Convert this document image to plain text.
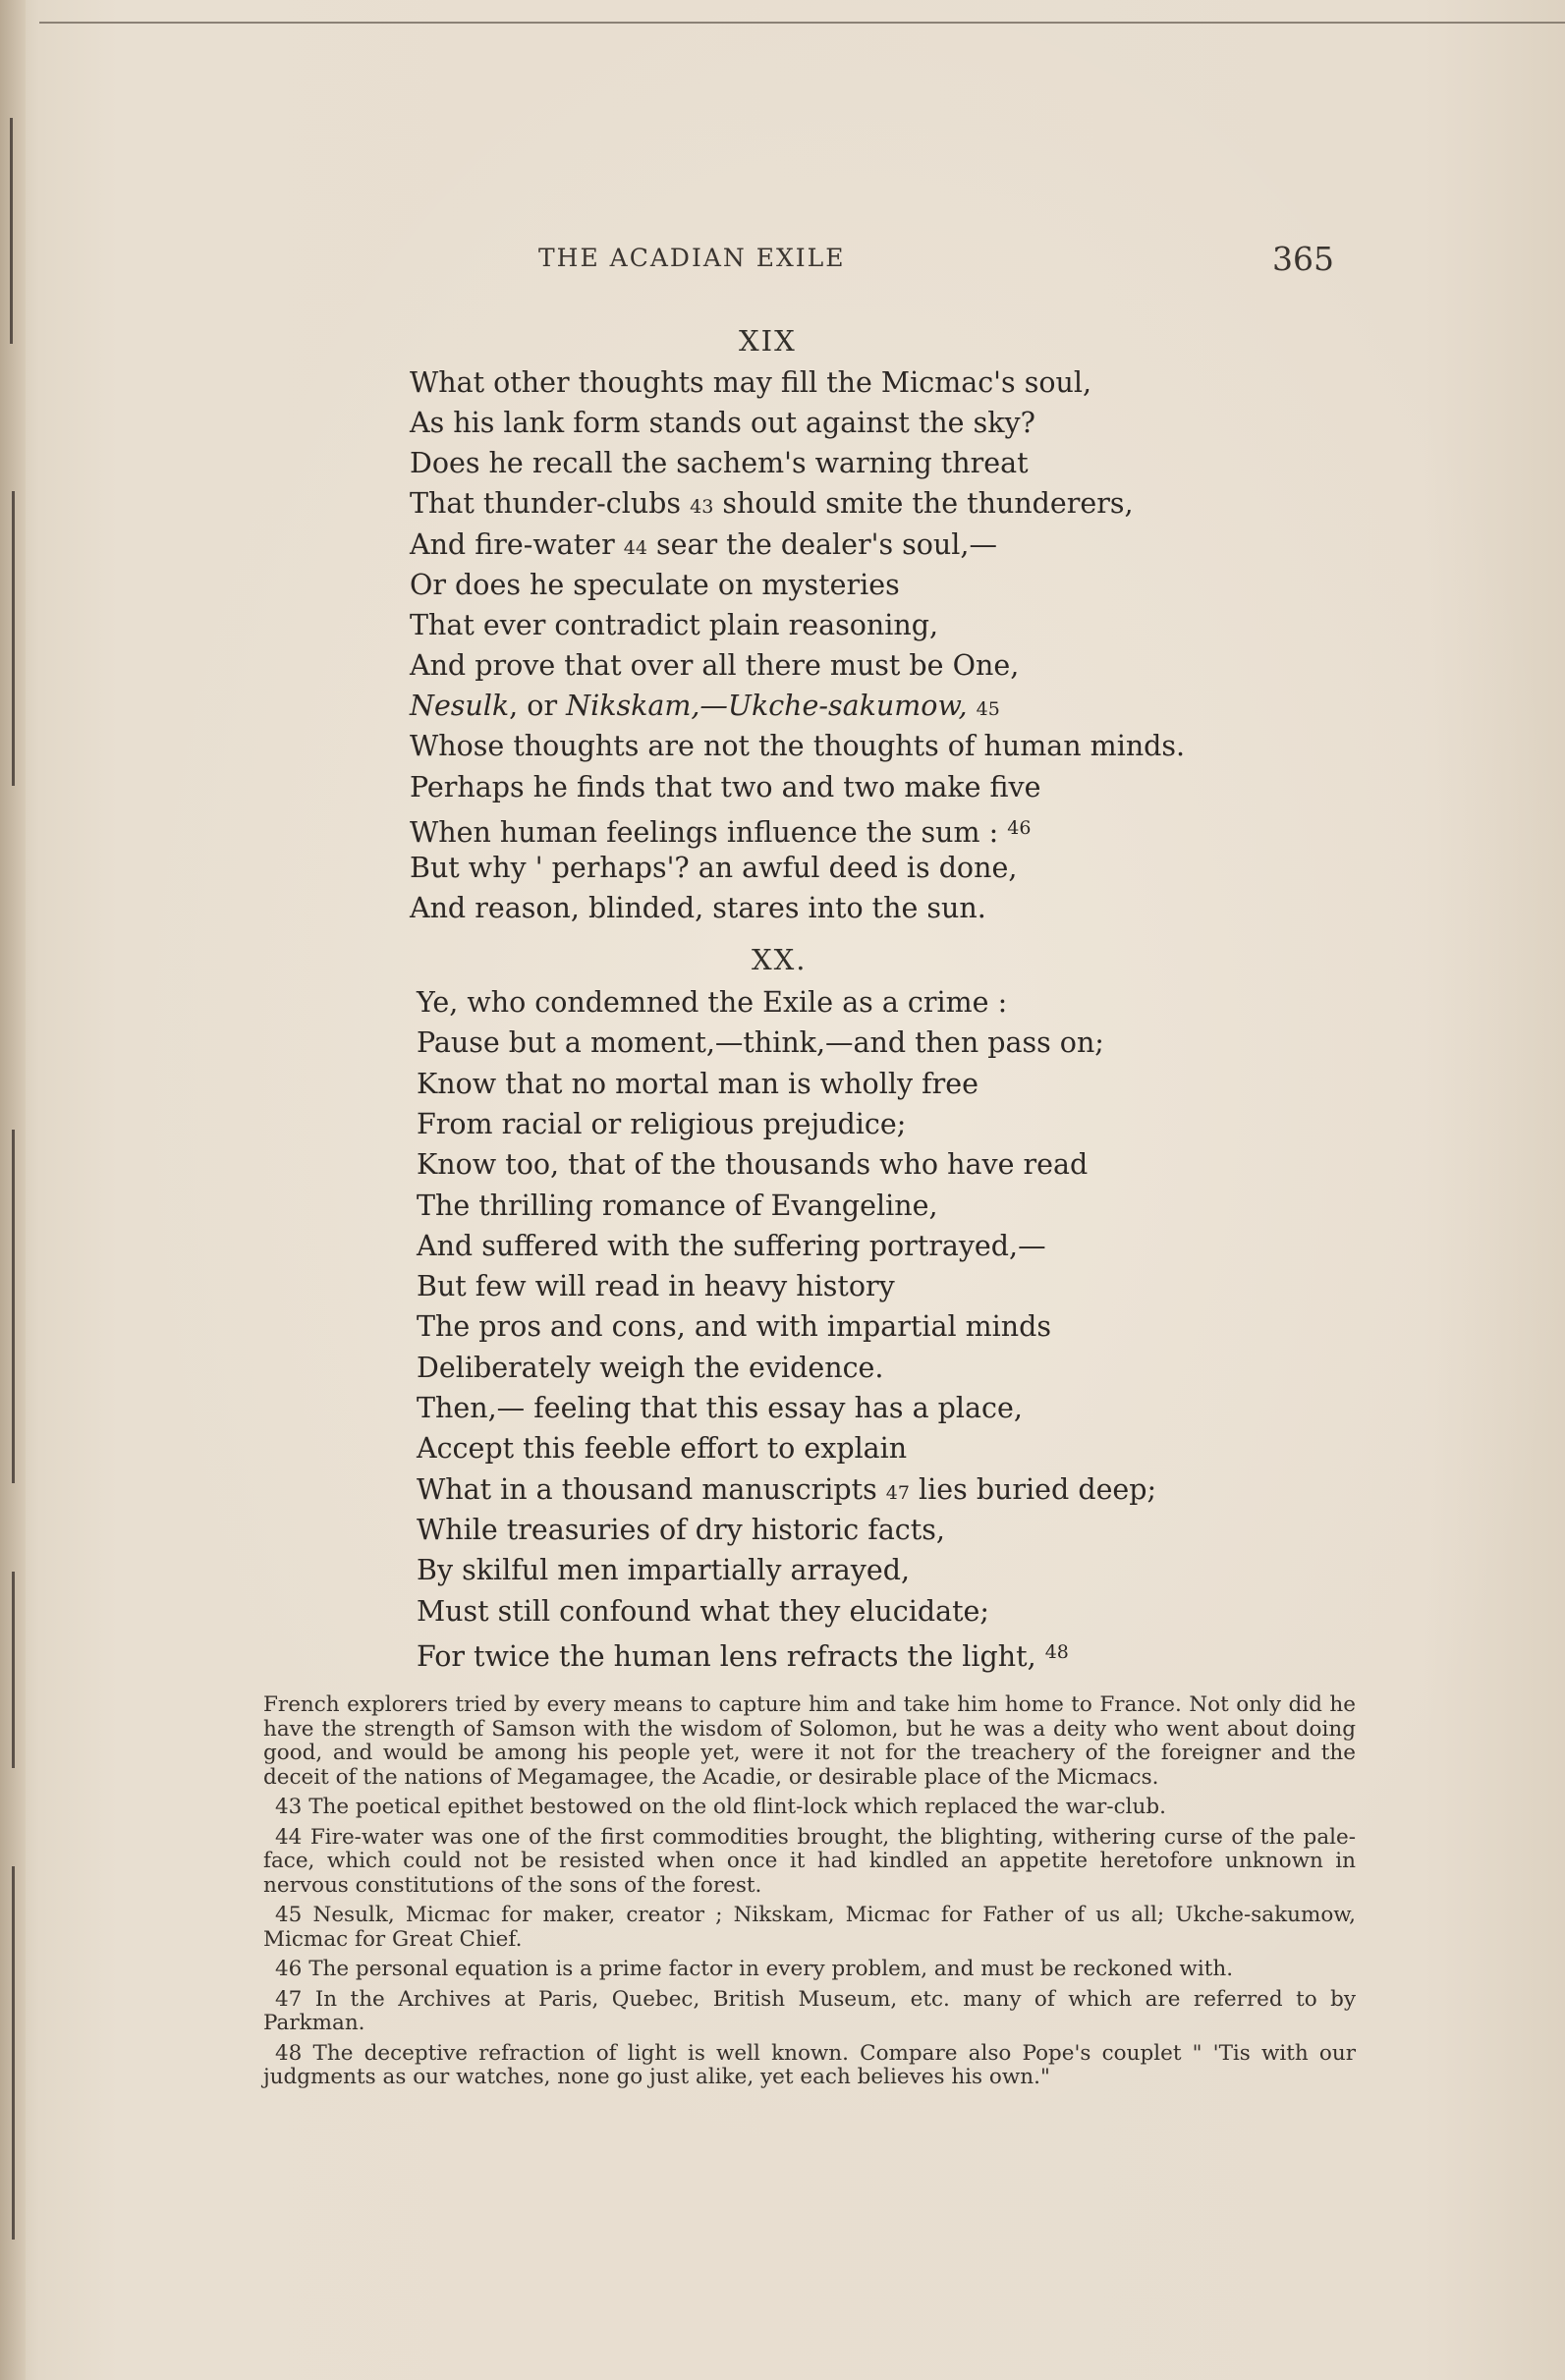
THE ACADIAN EXILE	365
XIX
What other thoughts may fill the Micmac's soul,
As his lank form stands out against the sky?
Does he recall the sachem's warning threat
That thunder-clubs 43 should smite the thunderers,
And fire-water 44 sear the dealer's soul,—
Or does he speculate on mysteries
That ever contradict plain reasoning,
And prove that over all there must be One,
Nesulk, or Nikskam,—Ukche-sakumow, 45
Whose thoughts are not the thoughts of human minds.
Perhaps he finds that two and two make five
When human feelings influence the sum : $^{46}$
But why ' perhaps'? an awful deed is done,
And reason, blinded, stares into the sun.
XX.
Ye, who condemned the Exile as a crime :
Pause but a moment,—think,—and then pass on;
Know that no mortal man is wholly free
From racial or religious prejudice;
Know too, that of the thousands who have read
The thrilling romance of Evangeline,
And suffered with the suffering portrayed,—
But few will read in heavy history
The pros and cons, and with impartial minds
Deliberately weigh the evidence.
Then,— feeling that this essay has a place,
Accept this feeble effort to explain
What in a thousand manuscripts 47 lies buried deep;
While treasuries of dry historic facts,
By skilful men impartially arrayed,
Must still confound what they elucidate;
For twice the human lens refracts the light, $^{48}$

French explorers tried by every means to capture him and take him home to France. Not only did he have the strength of Samson with the wisdom of Solomon, but he was a deity who went about doing good, and would be among his people yet, were it not for the treachery of the foreigner and the deceit of the nations of Megamagee, the Acadie, or desirable place of the Micmacs.

43 The poetical epithet bestowed on the old flint-lock which replaced the war-club.

44 Fire-water was one of the first commodities brought, the blighting, withering curse of the pale-face, which could not be resisted when once it had kindled an appetite heretofore unknown in nervous constitutions of the sons of the forest.

45 Nesulk, Micmac for maker, creator ; Nikskam, Micmac for Father of us all; Ukche-sakumow, Micmac for Great Chief.

46 The personal equation is a prime factor in every problem, and must be reckoned with.

47 In the Archives at Paris, Quebec, British Museum, etc. many of which are referred to by Parkman.

48 The deceptive refraction of light is well known. Compare also Pope's couplet " 'Tis with our judgments as our watches, none go just alike, yet each believes his own."
